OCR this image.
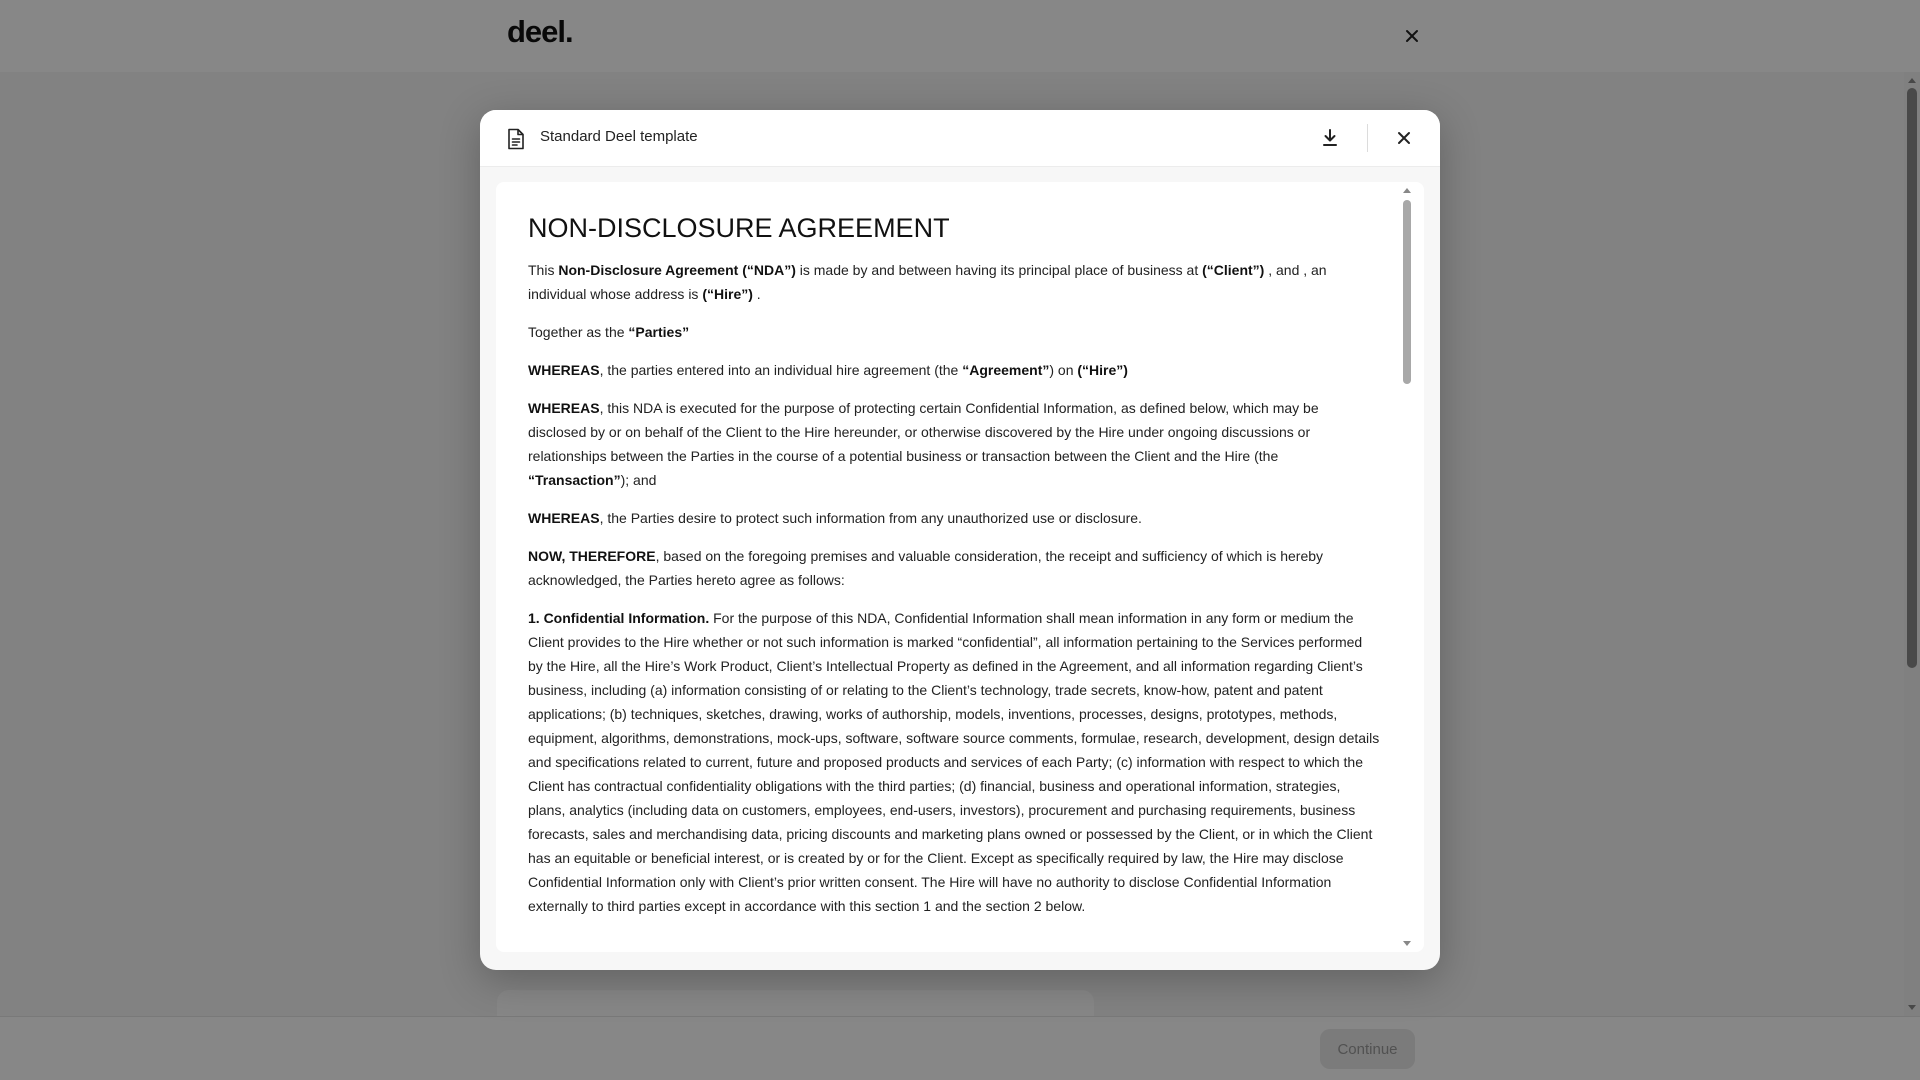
deel.
Continue
Standard Deel template
NON-DISCLOSURE AGREEMENT

This Non-Disclosure Agreement (“NDA”) is made by and between having its principal place of business at (“Client”) , and , an individual whose address is (“Hire”) .

Together as the “Parties”

WHEREAS, the parties entered into an individual hire agreement (the “Agreement”) on (“Hire”)

WHEREAS, this NDA is executed for the purpose of protecting certain Confidential Information, as defined below, which may be disclosed by or on behalf of the Client to the Hire hereunder, or otherwise discovered by the Hire under ongoing discussions or relationships between the Parties in the course of a potential business or transaction between the Client and the Hire (the “Transaction”); and

WHEREAS, the Parties desire to protect such information from any unauthorized use or disclosure.

NOW, THEREFORE, based on the foregoing premises and valuable consideration, the receipt and sufficiency of which is hereby acknowledged, the Parties hereto agree as follows:

1. Confidential Information. For the purpose of this NDA, Confidential Information shall mean information in any form or medium the Client provides to the Hire whether or not such information is marked “confidential”, all information pertaining to the Services performed by the Hire, all the Hire’s Work Product, Client’s Intellectual Property as defined in the Agreement, and all information regarding Client’s business, including (a) information consisting of or relating to the Client’s technology, trade secrets, know-how, patent and patent applications; (b) techniques, sketches, drawing, works of authorship, models, inventions, processes, designs, prototypes, methods, equipment, algorithms, demonstrations, mock-ups, software, software source comments, formulae, research, development, design details and specifications related to current, future and proposed products and services of each Party; (c) information with respect to which the Client has contractual confidentiality obligations with the third parties; (d) financial, business and operational information, strategies, plans, analytics (including data on customers, employees, end-users, investors), procurement and purchasing requirements, business forecasts, sales and merchandising data, pricing discounts and marketing plans owned or possessed by the Client, or in which the Client has an equitable or beneficial interest, or is created by or for the Client. Except as specifically required by law, the Hire may disclose Confidential Information only with Client’s prior written consent. The Hire will have no authority to disclose Confidential Information externally to third parties except in accordance with this section 1 and the section 2 below.
